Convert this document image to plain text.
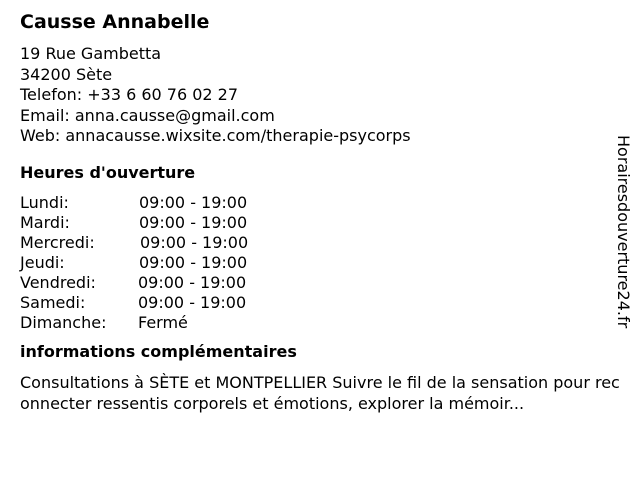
Causse Annabelle
19 Rue Gambetta
34200 Sète
Telefon: +33 6 60 76 02 27
Email: anna.causse@gmail.com
Web: annacausse.wixsite.com/therapie-psycorps
Heures d'ouverture
Lundi:	09:00 - 19:00
Mardi:	09:00 - 19:00
Mercredi:	09:00 - 19:00
Jeudi:	09:00 - 19:00
Vendredi:	09:00 - 19:00
Samedi:	09:00 - 19:00
Dimanche: Fermé
informations complémentaires

Consultations à SÈTE et MONTPELLIER Suivre le fil de la sensation pour reconnecter ressentis corporels et émotions, explorer la mémoir...

Horairesdouverture24.fr
